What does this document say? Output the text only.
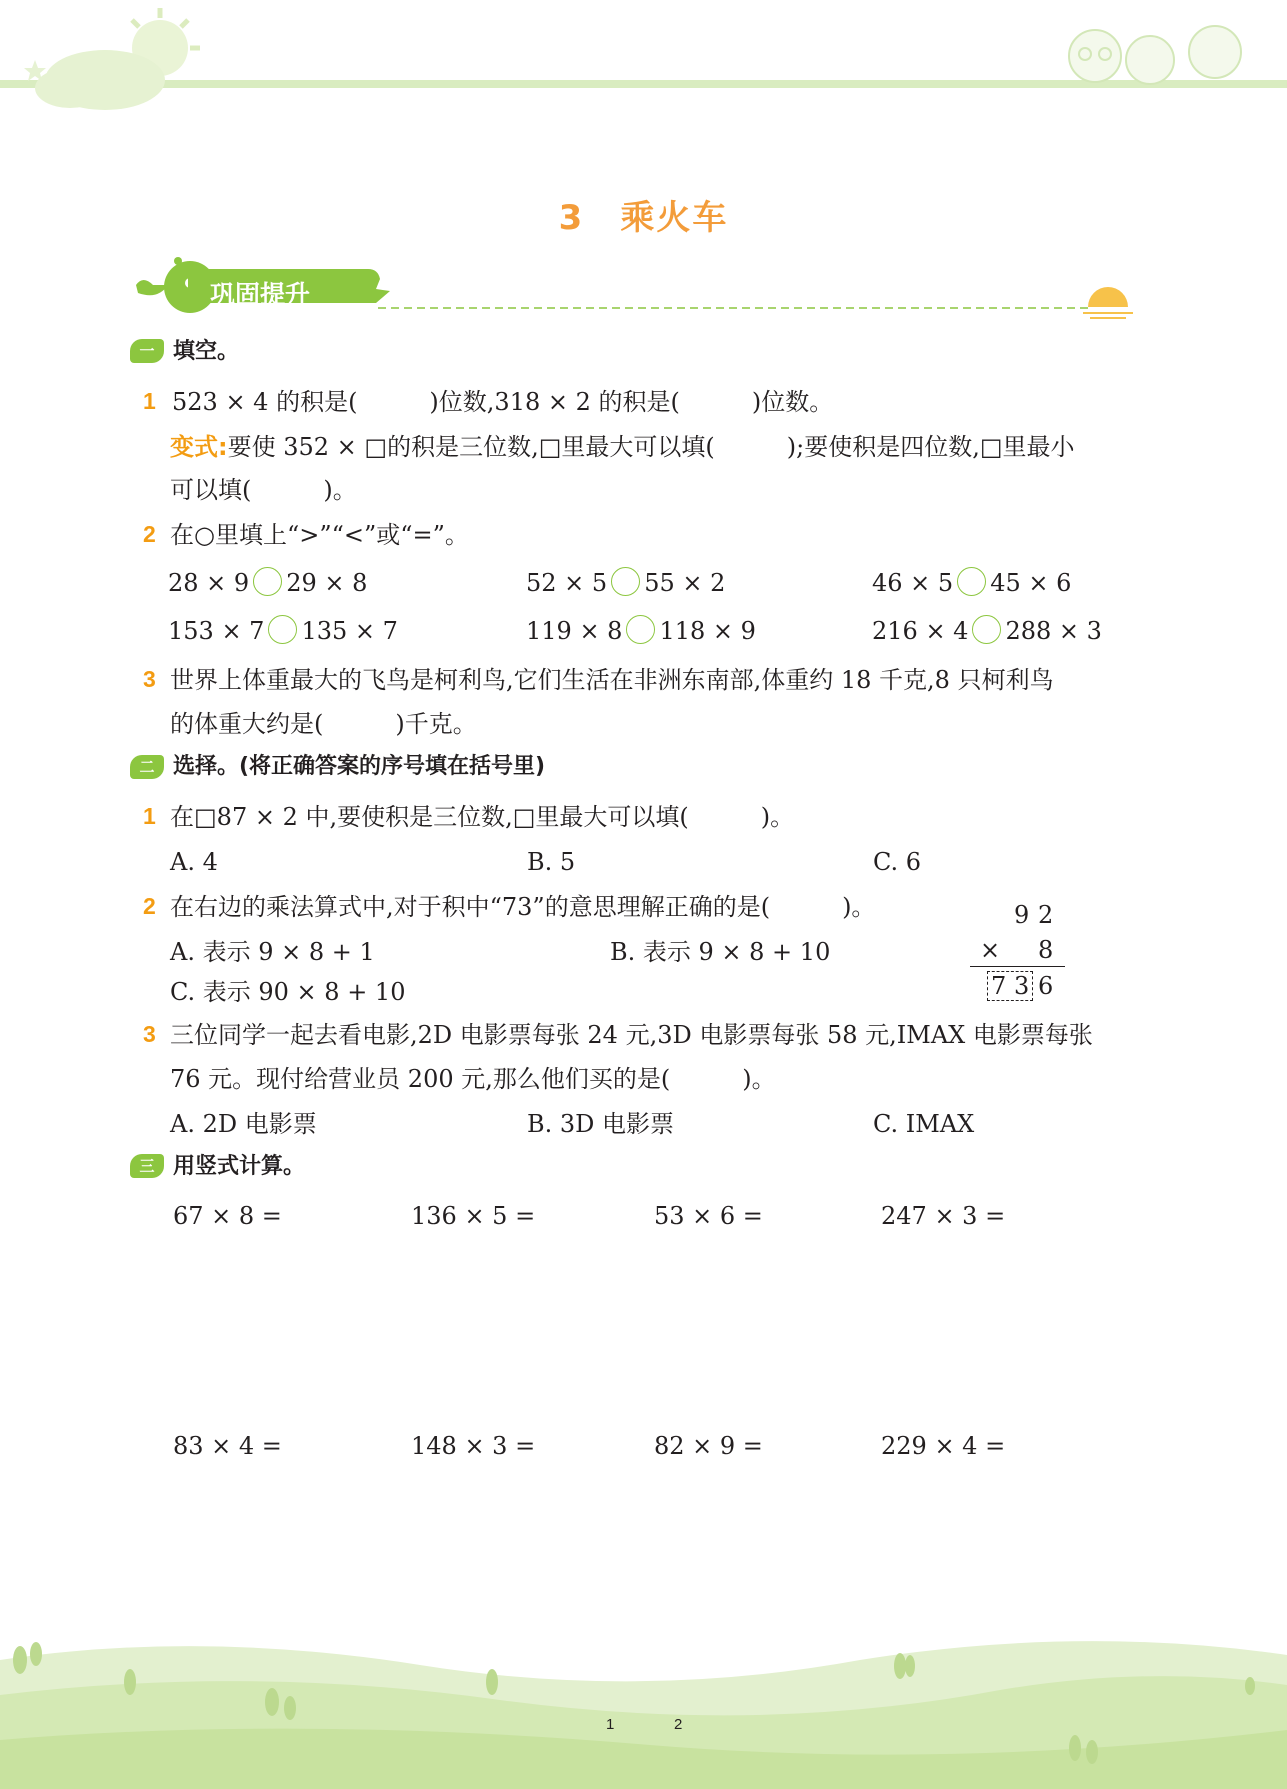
3　乘火车
巩固提升
一 填空。
1 523 × 4 的积是(　　　)位数,318 × 2 的积是(　　　)位数。
变式:要使 352 × □的积是三位数,□里最大可以填(　　　);要使积是四位数,□里最小
可以填(　　　)。
2 在○里填上“>”“<”或“=”。
28 × 9 29 × 8	52 × 5 55 × 2	46 × 5 45 × 6
153 × 7 135 × 7	119 × 8 118 × 9	216 × 4 288 × 3
3 世界上体重最大的飞鸟是柯利鸟,它们生活在非洲东南部,体重约 18 千克,8 只柯利鸟
的体重大约是(　　　)千克。
二 选择。(将正确答案的序号填在括号里)
1 在□87 × 2 中,要使积是三位数,□里最大可以填(　　　)。
A. 4	B. 5	C. 6
2 在右边的乘法算式中,对于积中“73”的意思理解正确的是(　　　)。
A. 表示 9 × 8 + 1	B. 表示 9 × 8 + 10
C. 表示 90 × 8 + 10
9 2
× 8
7 3 6
3 三位同学一起去看电影,2D 电影票每张 24 元,3D 电影票每张 58 元,IMAX 电影票每张
76 元。现付给营业员 200 元,那么他们买的是(　　　)。
A. 2D 电影票	B. 3D 电影票	C. IMAX
三 用竖式计算。
67 × 8 =	136 × 5 =	53 × 6 =	247 × 3 =
83 × 4 =	148 × 3 =	82 × 9 =	229 × 4 =
1	2
